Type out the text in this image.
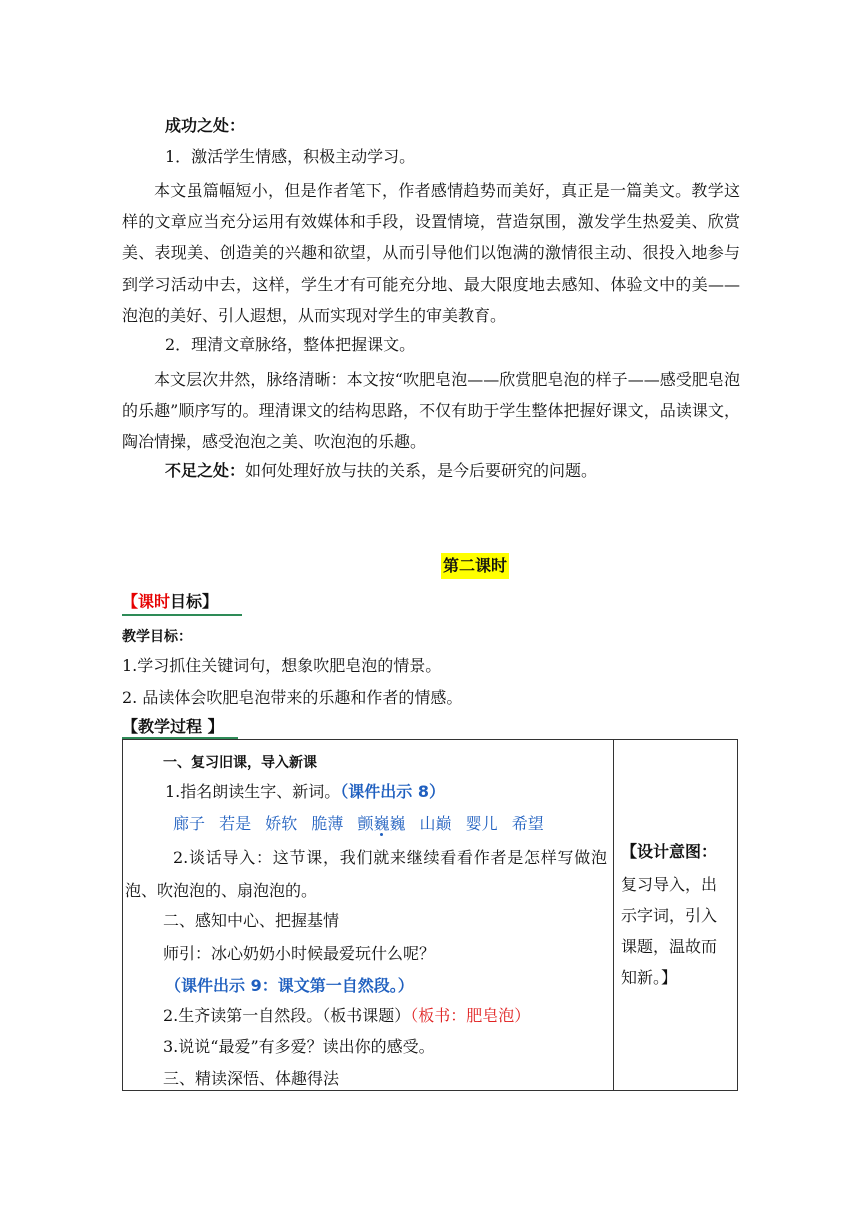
成功之处：
1．激活学生情感，积极主动学习。

本文虽篇幅短小，但是作者笔下，作者感情趋势而美好，真正是一篇美文。教学这样的文章应当充分运用有效媒体和手段，设置情境，营造氛围，激发学生热爱美、欣赏美、表现美、创造美的兴趣和欲望，从而引导他们以饱满的激情很主动、很投入地参与到学习活动中去，这样，学生才有可能充分地、最大限度地去感知、体验文中的美——泡泡的美好、引人遐想，从而实现对学生的审美教育。

2．理清文章脉络，整体把握课文。

本文层次井然，脉络清晰：本文按“吹肥皂泡——欣赏肥皂泡的样子——感受肥皂泡的乐趣”顺序写的。理清课文的结构思路，不仅有助于学生整体把握好课文，品读课文，陶冶情操，感受泡泡之美、吹泡泡的乐趣。

不足之处：如何处理好放与扶的关系，是今后要研究的问题。
第二课时
【课时目标】
教学目标：
1.学习抓住关键词句，想象吹肥皂泡的情景。
2. 品读体会吹肥皂泡带来的乐趣和作者的情感。
【教学过程 】
一、复习旧课，导入新课
1.指名朗读生字、新词。（课件出示 8）
廊子 若是 娇软 脆薄 颤巍巍 山巅 婴儿 希望

2.谈话导入：这节课，我们就来继续看看作者是怎样写做泡泡、吹泡泡的、扇泡泡的。

二、感知中心、把握基情
师引：冰心奶奶小时候最爱玩什么呢？
（课件出示 9：课文第一自然段。）
2.生齐读第一自然段。（板书课题）（板书：肥皂泡）
3.说说“最爱”有多爱？读出你的感受。
三、精读深悟、体趣得法
【设计意图：
复习导入，出
示字词，引入
课题，温故而
知新。】
